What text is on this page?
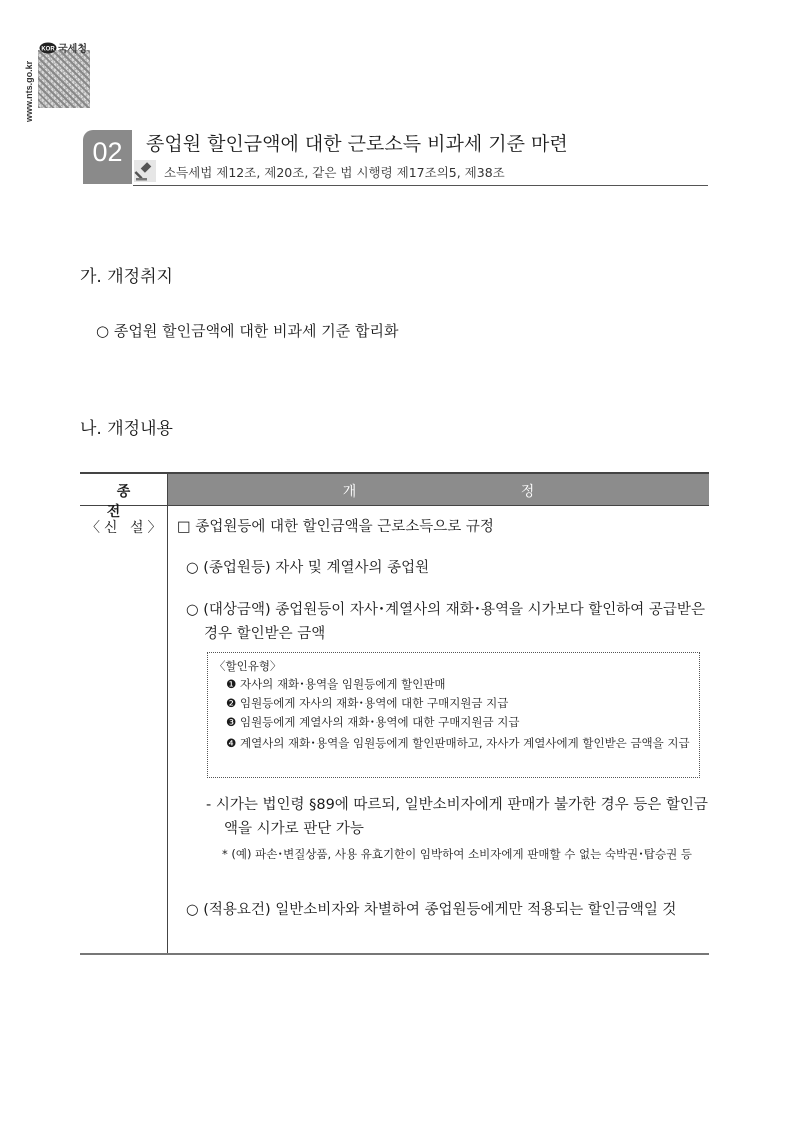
KOR 국세청
www.nts.go.kr
02	종업원 할인금액에 대한 근로소득 비과세 기준 마련
소득세법 제12조, 제20조, 같은 법 시행령 제17조의5, 제38조
가. 개정취지
○ 종업원 할인금액에 대한 비과세 기준 합리화
나. 개정내용
종 전
개 정
〈신 설〉 □ 종업원등에 대한 할인금액을 근로소득으로 규정
○ (종업원등) 자사 및 계열사의 종업원
○ (대상금액) 종업원등이 자사･계열사의 재화･용역을 시가보다 할인하여 공급받은 경우 할인받은 금액
〈할인유형〉
❶ 자사의 재화･용역을 임원등에게 할인판매
❷ 임원등에게 자사의 재화･용역에 대한 구매지원금 지급
❸ 임원등에게 계열사의 재화･용역에 대한 구매지원금 지급
❹ 계열사의 재화･용역을 임원등에게 할인판매하고, 자사가 계열사에게 할인받은 금액을 지급
- 시가는 법인령 §89에 따르되, 일반소비자에게 판매가 불가한 경우 등은 할인금액을 시가로 판단 가능
* (예) 파손･변질상품, 사용 유효기한이 임박하여 소비자에게 판매할 수 없는 숙박권･탑승권 등
○ (적용요건) 일반소비자와 차별하여 종업원등에게만 적용되는 할인금액일 것
